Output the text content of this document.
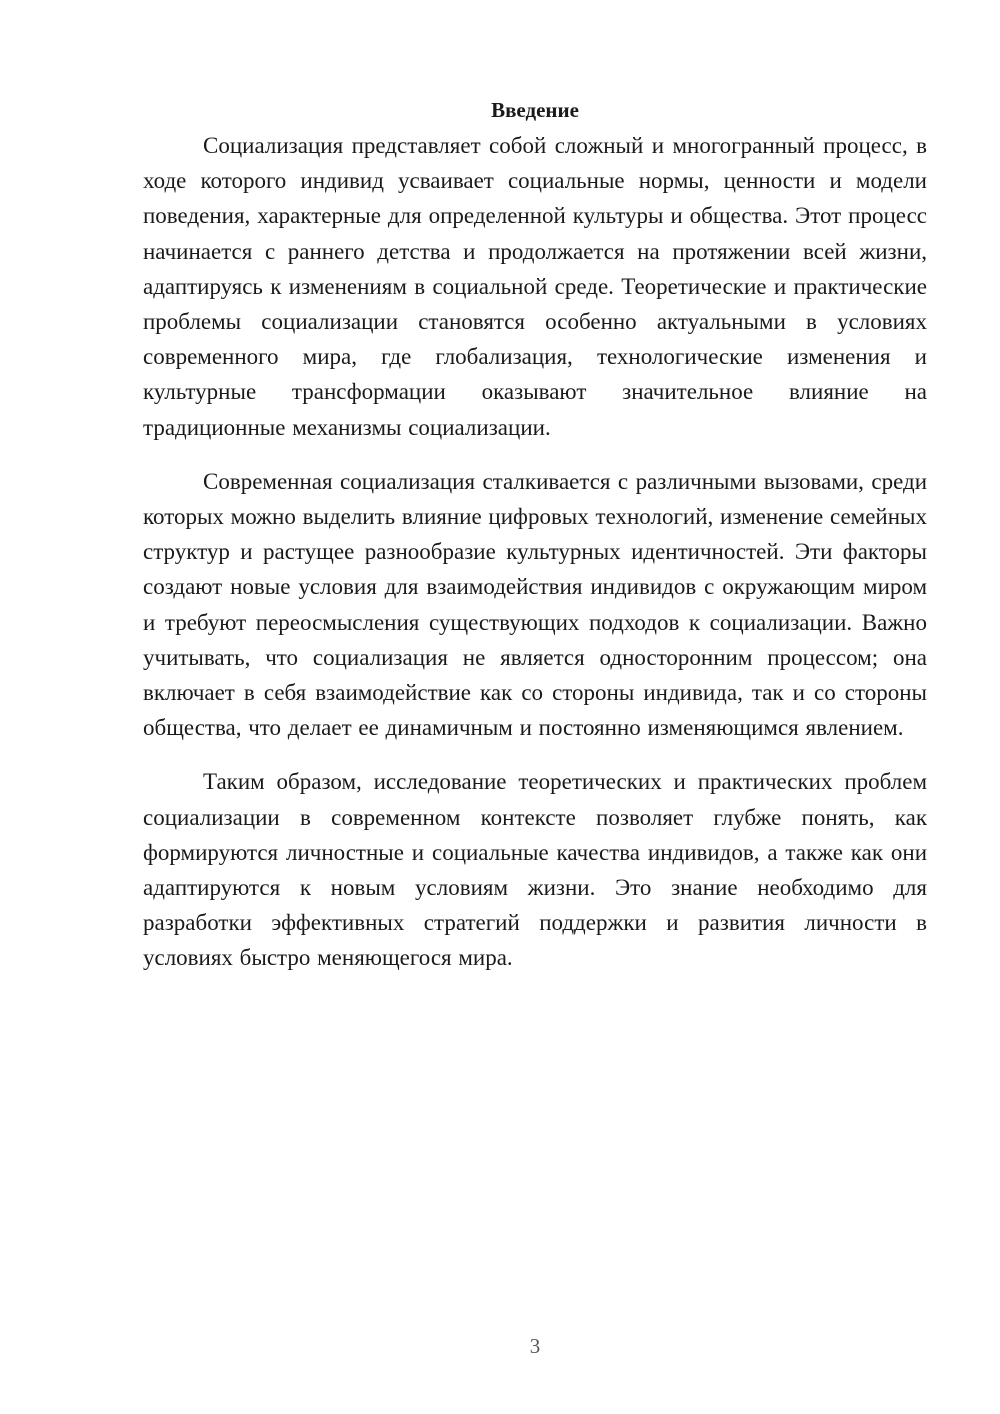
Введение

Социализация представляет собой сложный и многогранный процесс, в ходе которого индивид усваивает социальные нормы, ценности и модели поведения, характерные для определенной культуры и общества. Этот процесс начинается с раннего детства и продолжается на протяжении всей жизни, адаптируясь к изменениям в социальной среде. Теоретические и практические проблемы социализации становятся особенно актуальными в условиях современного мира, где глобализация, технологические изменения и культурные трансформации оказывают значительное влияние на традиционные механизмы социализации.

Современная социализация сталкивается с различными вызовами, среди которых можно выделить влияние цифровых технологий, изменение семейных структур и растущее разнообразие культурных идентичностей. Эти факторы создают новые условия для взаимодействия индивидов с окружающим миром и требуют переосмысления существующих подходов к социализации. Важно учитывать, что социализация не является односторонним процессом; она включает в себя взаимодействие как со стороны индивида, так и со стороны общества, что делает ее динамичным и постоянно изменяющимся явлением.

Таким образом, исследование теоретических и практических проблем социализации в современном контексте позволяет глубже понять, как формируются личностные и социальные качества индивидов, а также как они адаптируются к новым условиям жизни. Это знание необходимо для разработки эффективных стратегий поддержки и развития личности в условиях быстро меняющегося мира.

3
